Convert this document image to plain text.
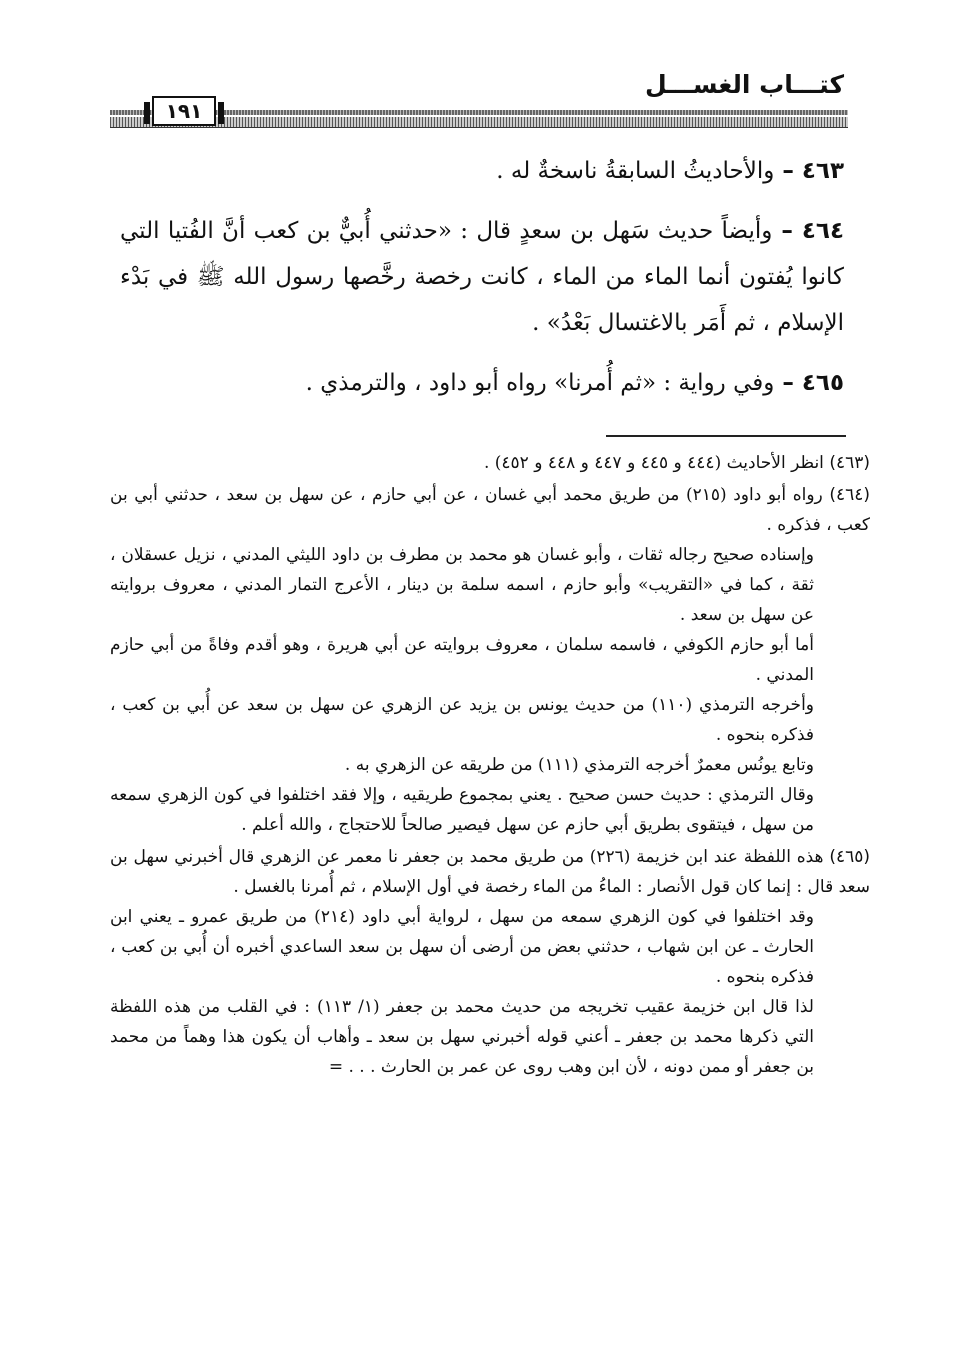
كتـــاب الغســـل
١٩١

٤٦٣ – والأحاديثُ السابقةُ ناسخةٌ له .

٤٦٤ – وأيضاً حديث سَهل بن سعدٍ قال : «حدثني أُبيٌّ بن كعب أنَّ الفُتيا التي كانوا يُفتون أنما الماء من الماء ، كانت رخصة رخَّصها رسول الله ﷺ في بَدْء الإسلام ، ثم أَمَر بالاغتسال بَعْدُ» .

٤٦٥ – وفي رواية : «ثم أُمرنا» رواه أبو داود ، والترمذي .

(٤٦٣) انظر الأحاديث (٤٤٤ و ٤٤٥ و ٤٤٧ و ٤٤٨ و ٤٥٢) .

(٤٦٤) رواه أبو داود (٢١٥) من طريق محمد أبي غسان ، عن أبي حازم ، عن سهل بن سعد ، حدثني أبي بن كعب ، فذكره .

وإسناده صحيح رجاله ثقات ، وأبو غسان هو محمد بن مطرف بن داود الليثي المدني ، نزيل عسقلان ، ثقة ، كما في «التقريب» وأبو حازم ، اسمه سلمة بن دينار ، الأعرج التمار المدني ، معروف بروايته عن سهل بن سعد .

أما أبو حازم الكوفي ، فاسمه سلمان ، معروف بروايته عن أبي هريرة ، وهو أقدم وفاةً من أبي حازم المدني .

وأخرجه الترمذي (١١٠) من حديث يونس بن يزيد عن الزهري عن سهل بن سعد عن أُبي بن كعب ، فذكره بنحوه .

وتابع يونُس معمرٌ أخرجه الترمذي (١١١) من طريقه عن الزهري به .

وقال الترمذي : حديث حسن صحيح . يعني بمجموع طريقيه ، وإلا فقد اختلفوا في كون الزهري سمعه من سهل ، فيتقوى بطريق أبي حازم عن سهل فيصير صالحاً للاحتجاج ، والله أعلم .

(٤٦٥) هذه اللفظة عند ابن خزيمة (٢٢٦) من طريق محمد بن جعفر نا معمر عن الزهري قال أخبرني سهل بن سعد قال : إنما كان قول الأنصار : الماءُ من الماء رخصة في أول الإسلام ، ثم أُمرنا بالغسل .

وقد اختلفوا في كون الزهري سمعه من سهل ، لرواية أبي داود (٢١٤) من طريق عمرو ـ يعني ابن الحارث ـ عن ابن شهاب ، حدثني بعض من أرضى أن سهل بن سعد الساعدي أخبره أن أُبي بن كعب ، فذكره بنحوه .

لذا قال ابن خزيمة عقيب تخريجه من حديث محمد بن جعفر (١/ ١١٣) : في القلب من هذه اللفظة التي ذكرها محمد بن جعفر ـ أعني قوله أخبرني سهل بن سعد ـ وأهاب أن يكون هذا وهماً من محمد بن جعفر أو ممن دونه ، لأن ابن وهب روى عن عمر بن الحارث . . . =
